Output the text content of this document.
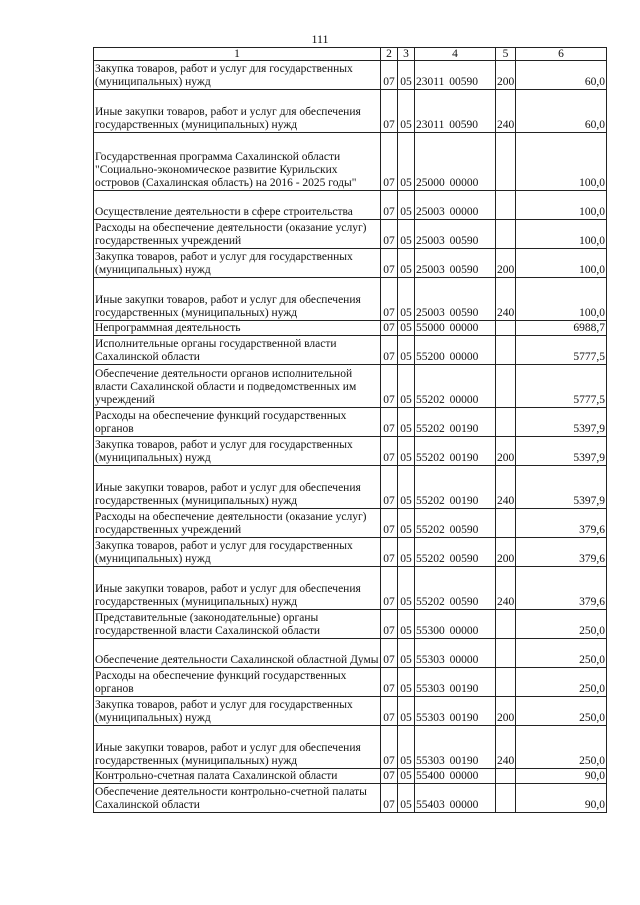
111
1	2	3	4	5	6
Закупка товаров, работ и услуг для государственных (муниципальных) нужд	07	05	23011 00590	200	60,0
Иные закупки товаров, работ и услуг для обеспечения государственных (муниципальных) нужд	07	05	23011 00590	240	60,0
Государственная программа Сахалинской области "Социально-экономическое развитие Курильских островов (Сахалинская область) на 2016 - 2025 годы"	07	05	25000 00000		100,0
Осуществление деятельности в сфере строительства	07	05	25003 00000		100,0
Расходы на обеспечение деятельности (оказание услуг) государственных учреждений	07	05	25003 00590		100,0
Закупка товаров, работ и услуг для государственных (муниципальных) нужд	07	05	25003 00590	200	100,0
Иные закупки товаров, работ и услуг для обеспечения государственных (муниципальных) нужд	07	05	25003 00590	240	100,0
Непрограммная деятельность	07	05	55000 00000		6988,7
Исполнительные органы государственной власти Сахалинской области	07	05	55200 00000		5777,5
Обеспечение деятельности органов исполнительной власти Сахалинской области и подведомственных им учреждений	07	05	55202 00000		5777,5
Расходы на обеспечение функций государственных органов	07	05	55202 00190		5397,9
Закупка товаров, работ и услуг для государственных (муниципальных) нужд	07	05	55202 00190	200	5397,9
Иные закупки товаров, работ и услуг для обеспечения государственных (муниципальных) нужд	07	05	55202 00190	240	5397,9
Расходы на обеспечение деятельности (оказание услуг) государственных учреждений	07	05	55202 00590		379,6
Закупка товаров, работ и услуг для государственных (муниципальных) нужд	07	05	55202 00590	200	379,6
Иные закупки товаров, работ и услуг для обеспечения государственных (муниципальных) нужд	07	05	55202 00590	240	379,6
Представительные (законодательные) органы государственной власти Сахалинской области	07	05	55300 00000		250,0
Обеспечение деятельности Сахалинской областной Думы	07	05	55303 00000		250,0
Расходы на обеспечение функций государственных органов	07	05	55303 00190		250,0
Закупка товаров, работ и услуг для государственных (муниципальных) нужд	07	05	55303 00190	200	250,0
Иные закупки товаров, работ и услуг для обеспечения государственных (муниципальных) нужд	07	05	55303 00190	240	250,0
Контрольно-счетная палата Сахалинской области	07	05	55400 00000		90,0
Обеспечение деятельности контрольно-счетной палаты Сахалинской области	07	05	55403 00000		90,0
